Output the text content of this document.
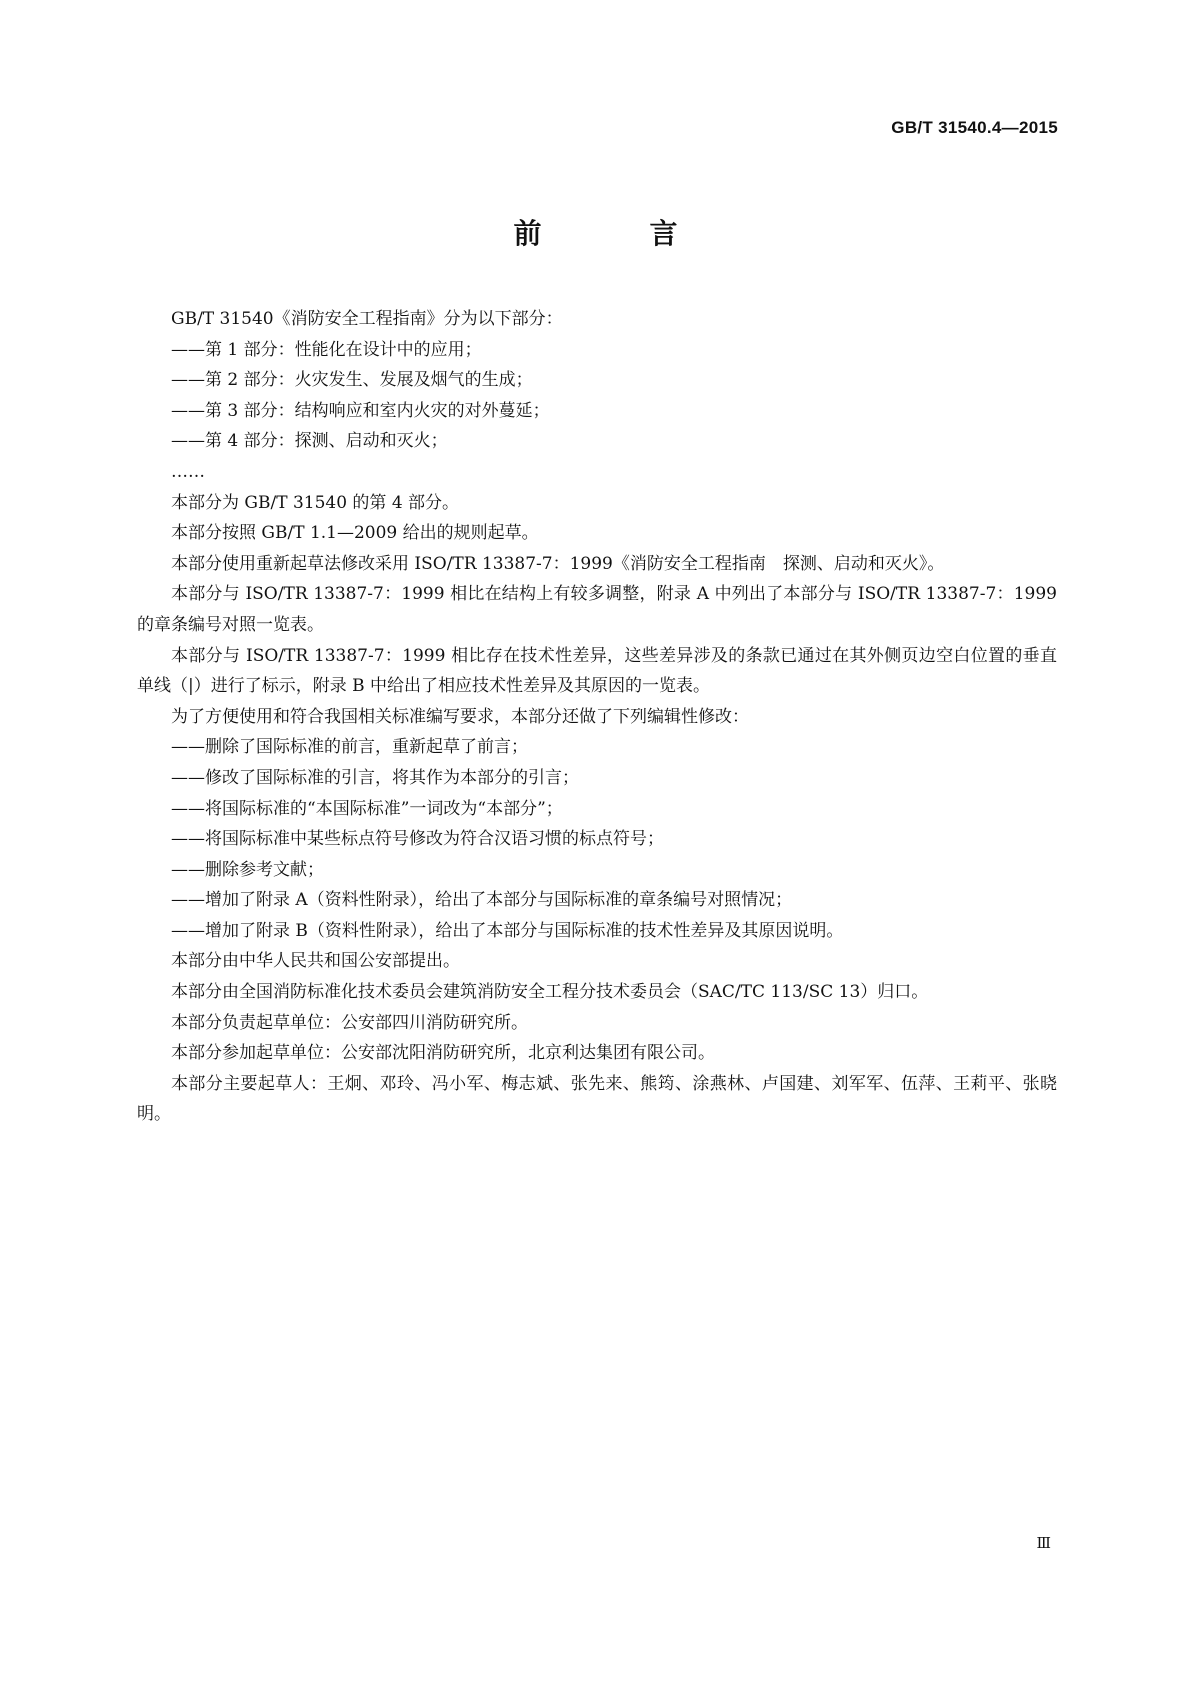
GB/T 31540.4—2015
前　言

GB/T 31540《消防安全工程指南》分为以下部分：

——第 1 部分：性能化在设计中的应用；

——第 2 部分：火灾发生、发展及烟气的生成；

——第 3 部分：结构响应和室内火灾的对外蔓延；

——第 4 部分：探测、启动和灭火；

……

本部分为 GB/T 31540 的第 4 部分。

本部分按照 GB/T 1.1—2009 给出的规则起草。

本部分使用重新起草法修改采用 ISO/TR 13387-7：1999《消防安全工程指南　探测、启动和灭火》。

本部分与 ISO/TR 13387-7：1999 相比在结构上有较多调整，附录 A 中列出了本部分与 ISO/TR 13387-7：1999 的章条编号对照一览表。

本部分与 ISO/TR 13387-7：1999 相比存在技术性差异，这些差异涉及的条款已通过在其外侧页边空白位置的垂直单线（|）进行了标示，附录 B 中给出了相应技术性差异及其原因的一览表。

为了方便使用和符合我国相关标准编写要求，本部分还做了下列编辑性修改：

——删除了国际标准的前言，重新起草了前言；

——修改了国际标准的引言，将其作为本部分的引言；

——将国际标准的“本国际标准”一词改为“本部分”；

——将国际标准中某些标点符号修改为符合汉语习惯的标点符号；

——删除参考文献；

——增加了附录 A（资料性附录），给出了本部分与国际标准的章条编号对照情况；

——增加了附录 B（资料性附录），给出了本部分与国际标准的技术性差异及其原因说明。

本部分由中华人民共和国公安部提出。

本部分由全国消防标准化技术委员会建筑消防安全工程分技术委员会（SAC/TC 113/SC 13）归口。

本部分负责起草单位：公安部四川消防研究所。

本部分参加起草单位：公安部沈阳消防研究所，北京利达集团有限公司。

本部分主要起草人：王炯、邓玲、冯小军、梅志斌、张先来、熊筠、涂燕林、卢国建、刘军军、伍萍、王莉平、张晓明。

Ⅲ
